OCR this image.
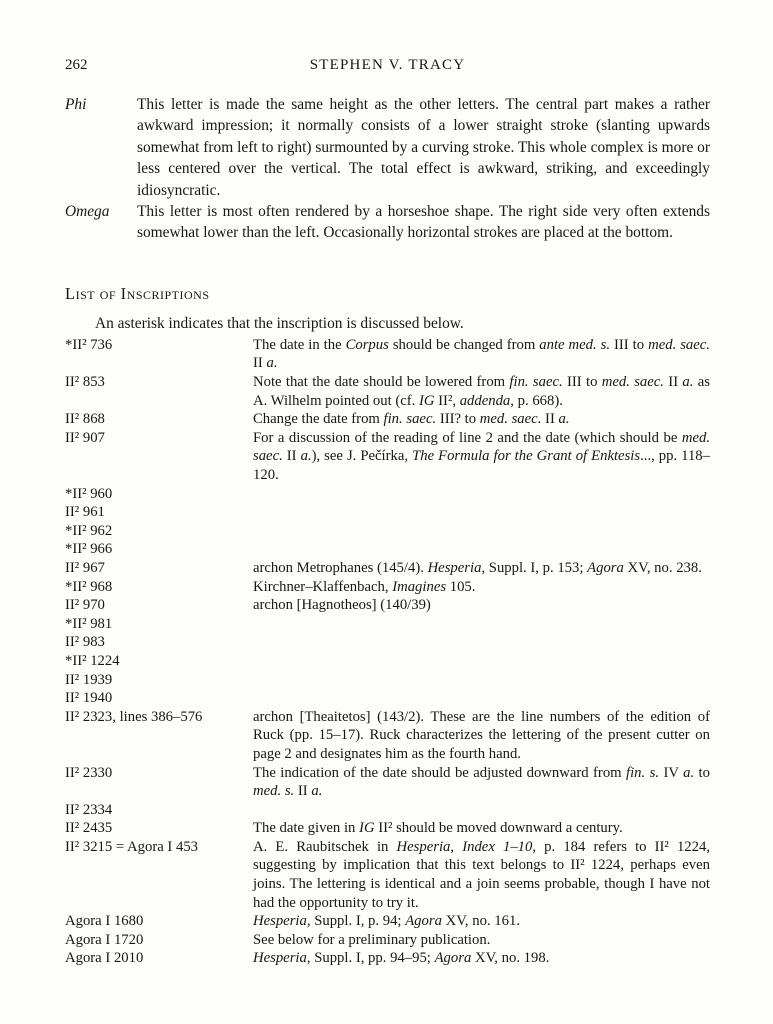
262	STEPHEN V. TRACY
Phi	This letter is made the same height as the other letters. The central part makes a rather awkward impression; it normally consists of a lower straight stroke (slanting upwards somewhat from left to right) surmounted by a curving stroke. This whole complex is more or less centered over the vertical. The total effect is awkward, striking, and exceedingly idiosyncratic.
Omega	This letter is most often rendered by a horseshoe shape. The right side very often extends somewhat lower than the left. Occasionally horizontal strokes are placed at the bottom.
List of Inscriptions
An asterisk indicates that the inscription is discussed below.
*II² 736	The date in the Corpus should be changed from ante med. s. III to med. saec. II a.
II² 853	Note that the date should be lowered from fin. saec. III to med. saec. II a. as A. Wilhelm pointed out (cf. IG II², addenda, p. 668).
II² 868	Change the date from fin. saec. III? to med. saec. II a.
II² 907	For a discussion of the reading of line 2 and the date (which should be med. saec. II a.), see J. Pečírka, The Formula for the Grant of Enktesis..., pp. 118–120.
*II² 960
II² 961
*II² 962
*II² 966
II² 967	archon Metrophanes (145/4). Hesperia, Suppl. I, p. 153; Agora XV, no. 238.
*II² 968	Kirchner–Klaffenbach, Imagines 105.
II² 970	archon [Hagnotheos] (140/39)
*II² 981
II² 983
*II² 1224
II² 1939
II² 1940
II² 2323, lines 386–576	archon [Theaitetos] (143/2). These are the line numbers of the edition of Ruck (pp. 15–17). Ruck characterizes the lettering of the present cutter on page 2 and designates him as the fourth hand.
II² 2330	The indication of the date should be adjusted downward from fin. s. IV a. to med. s. II a.
II² 2334
II² 2435	The date given in IG II² should be moved downward a century.
II² 3215 = Agora I 453	A. E. Raubitschek in Hesperia, Index 1–10, p. 184 refers to II² 1224, suggesting by implication that this text belongs to II² 1224, perhaps even joins. The lettering is identical and a join seems probable, though I have not had the opportunity to try it.
Agora I 1680	Hesperia, Suppl. I, p. 94; Agora XV, no. 161.
Agora I 1720	See below for a preliminary publication.
Agora I 2010	Hesperia, Suppl. I, pp. 94–95; Agora XV, no. 198.
